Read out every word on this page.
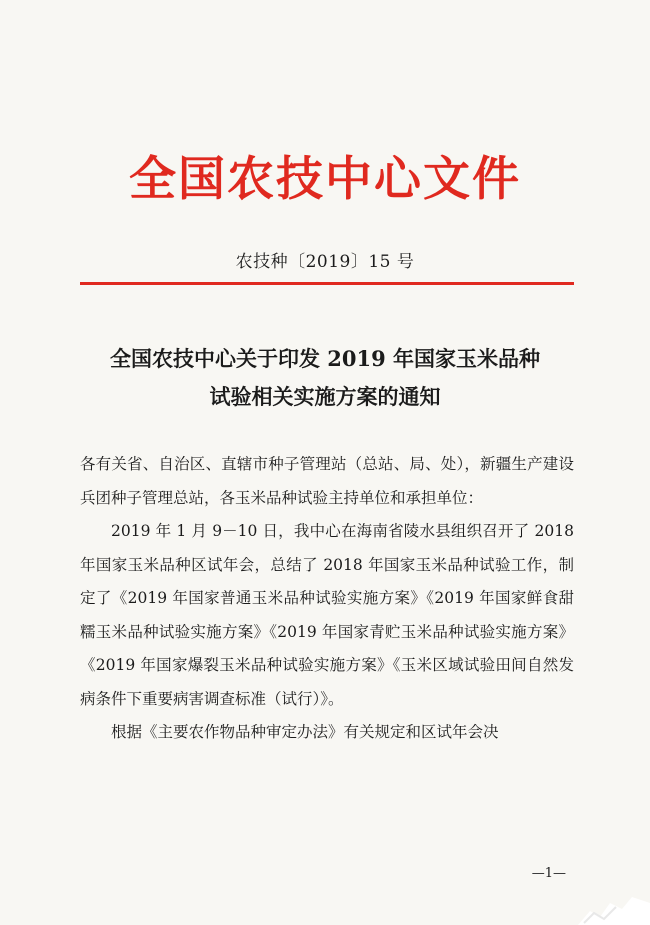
全国农技中心文件
农技种〔2019〕15 号
全国农技中心关于印发 2019 年国家玉米品种
试验相关实施方案的通知

各有关省、自治区、直辖市种子管理站（总站、局、处），新疆生产建设兵团种子管理总站，各玉米品种试验主持单位和承担单位：

2019 年 1 月 9－10 日，我中心在海南省陵水县组织召开了 2018 年国家玉米品种区试年会，总结了 2018 年国家玉米品种试验工作，制定了《2019 年国家普通玉米品种试验实施方案》《2019 年国家鲜食甜糯玉米品种试验实施方案》《2019 年国家青贮玉米品种试验实施方案》《2019 年国家爆裂玉米品种试验实施方案》《玉米区域试验田间自然发病条件下重要病害调查标准（试行）》。

根据《主要农作物品种审定办法》有关规定和区试年会决

—1—
